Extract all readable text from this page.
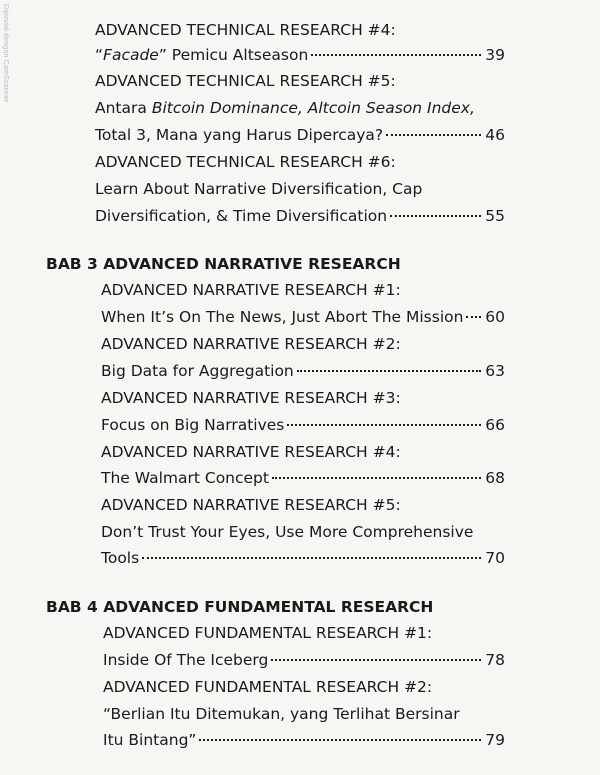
Dipindai dengan CamScanner	ADVANCED TECHNICAL RESEARCH #4:
“Facade” Pemicu Altseason	39
ADVANCED TECHNICAL RESEARCH #5:
Antara Bitcoin Dominance, Altcoin Season Index,
Total 3, Mana yang Harus Dipercaya?	46
ADVANCED TECHNICAL RESEARCH #6:
Learn About Narrative Diversification, Cap
Diversification, & Time Diversification	55
BAB 3 ADVANCED NARRATIVE RESEARCH
ADVANCED NARRATIVE RESEARCH #1:
When It’s On The News, Just Abort The Mission 60
ADVANCED NARRATIVE RESEARCH #2:
Big Data for Aggregation	63
ADVANCED NARRATIVE RESEARCH #3:
Focus on Big Narratives	66
ADVANCED NARRATIVE RESEARCH #4:
The Walmart Concept	68
ADVANCED NARRATIVE RESEARCH #5:
Don’t Trust Your Eyes, Use More Comprehensive
Tools	70
BAB 4 ADVANCED FUNDAMENTAL RESEARCH
ADVANCED FUNDAMENTAL RESEARCH #1:
Inside Of The Iceberg	78
ADVANCED FUNDAMENTAL RESEARCH #2:
“Berlian Itu Ditemukan, yang Terlihat Bersinar
Itu Bintang”	79
